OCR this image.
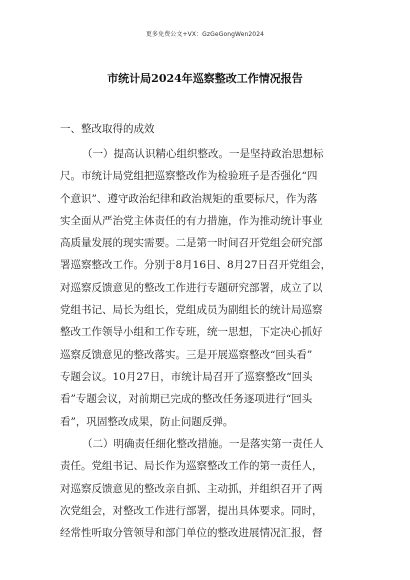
更多免费公文+VX：GzGeGongWen2024
市统计局2024年巡察整改工作情况报告
一、整改取得的成效
（一）提高认识精心组织整改。一是坚持政治思想标
尺。市统计局党组把巡察整改作为检验班子是否强化“四
个意识”、遵守政治纪律和政治规矩的重要标尺，作为落
实全面从严治党主体责任的有力措施，作为推动统计事业
高质量发展的现实需要。二是第一时间召开党组会研究部
署巡察整改工作。分别于8月16日、8月27日召开党组会，
对巡察反馈意见的整改工作进行专题研究部署，成立了以
党组书记、局长为组长，党组成员为副组长的统计局巡察
整改工作领导小组和工作专班，统一思想，下定决心抓好
巡察反馈意见的整改落实。三是开展巡察整改“回头看”
专题会议。10月27日，市统计局召开了巡察整改“回头
看”专题会议，对前期已完成的整改任务逐项进行“回头
看”，巩固整改成果，防止问题反弹。
（二）明确责任细化整改措施。一是落实第一责任人
责任。党组书记、局长作为巡察整改工作的第一责任人，
对巡察反馈意见的整改亲自抓、主动抓，并组织召开了两
次党组会，对整改工作进行部署，提出具体要求。同时，
经常性听取分管领导和部门单位的整改进展情况汇报，督
